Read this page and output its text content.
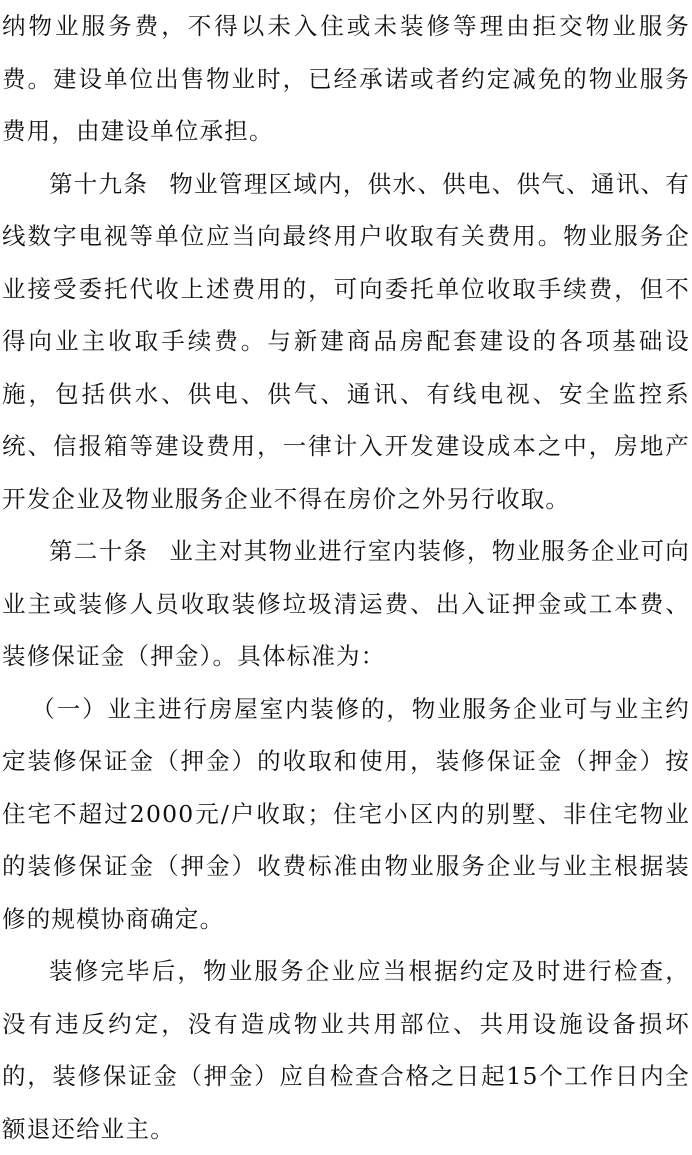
纳物业服务费，不得以未入住或未装修等理由拒交物业服务费。建设单位出售物业时，已经承诺或者约定减免的物业服务费用，由建设单位承担。

第十九条 物业管理区域内，供水、供电、供气、通讯、有线数字电视等单位应当向最终用户收取有关费用。物业服务企业接受委托代收上述费用的，可向委托单位收取手续费，但不得向业主收取手续费。与新建商品房配套建设的各项基础设施，包括供水、供电、供气、通讯、有线电视、安全监控系统、信报箱等建设费用，一律计入开发建设成本之中，房地产开发企业及物业服务企业不得在房价之外另行收取。

第二十条 业主对其物业进行室内装修，物业服务企业可向业主或装修人员收取装修垃圾清运费、出入证押金或工本费、装修保证金（押金）。具体标准为：

（一）业主进行房屋室内装修的，物业服务企业可与业主约定装修保证金（押金）的收取和使用，装修保证金（押金）按住宅不超过2000元/户收取；住宅小区内的别墅、非住宅物业的装修保证金（押金）收费标准由物业服务企业与业主根据装修的规模协商确定。

装修完毕后，物业服务企业应当根据约定及时进行检查，没有违反约定，没有造成物业共用部位、共用设施设备损坏的，装修保证金（押金）应自检查合格之日起15个工作日内全额退还给业主。
